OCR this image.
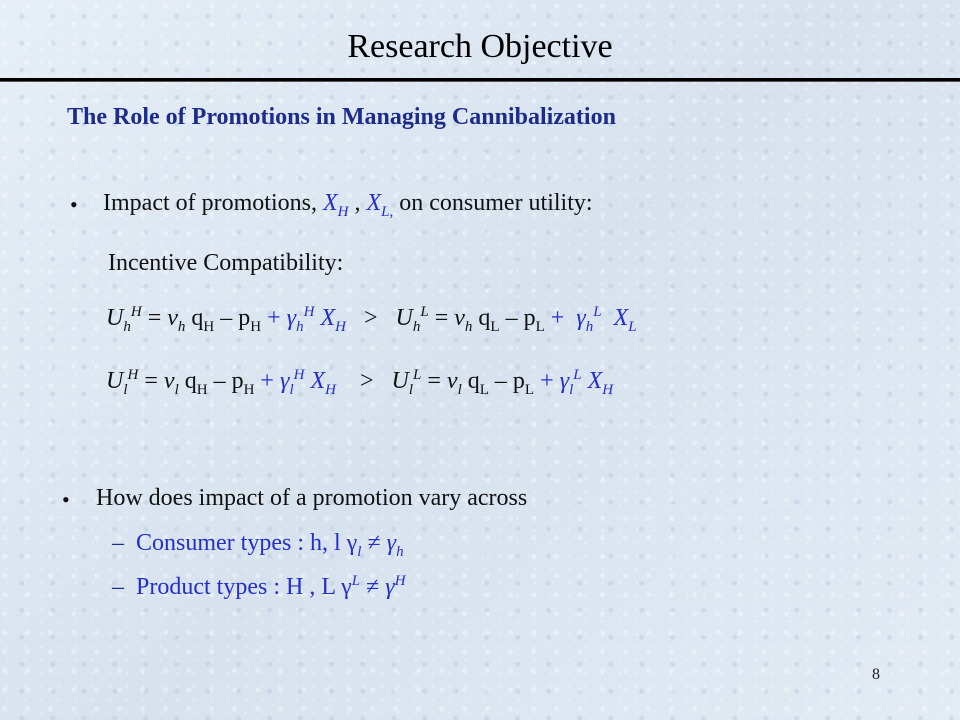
Research Objective
The Role of Promotions in Managing Cannibalization
• Impact of promotions, $X_H$ , $X_{L,}$ on consumer utility:
Incentive Compatibility:
$U_h^H = v_h$ $q_H - p_H + \gamma_h^H$ $X_H > U_h^L = v_h$ $q_L - p_L + \gamma_h^L$ $X_L$
$U_l^H = v_l$ $q_H - p_H + \gamma_l^H$ $X_H$    >   $U_l^L = v_l$ $q_L - p_L + \gamma_l^L$ $X_H$
• How does impact of a promotion vary across
– Consumer types : h, l $\gamma_l \ne \gamma_h$
– Product types : H , L $\gamma^L \ne \gamma^H$
8
